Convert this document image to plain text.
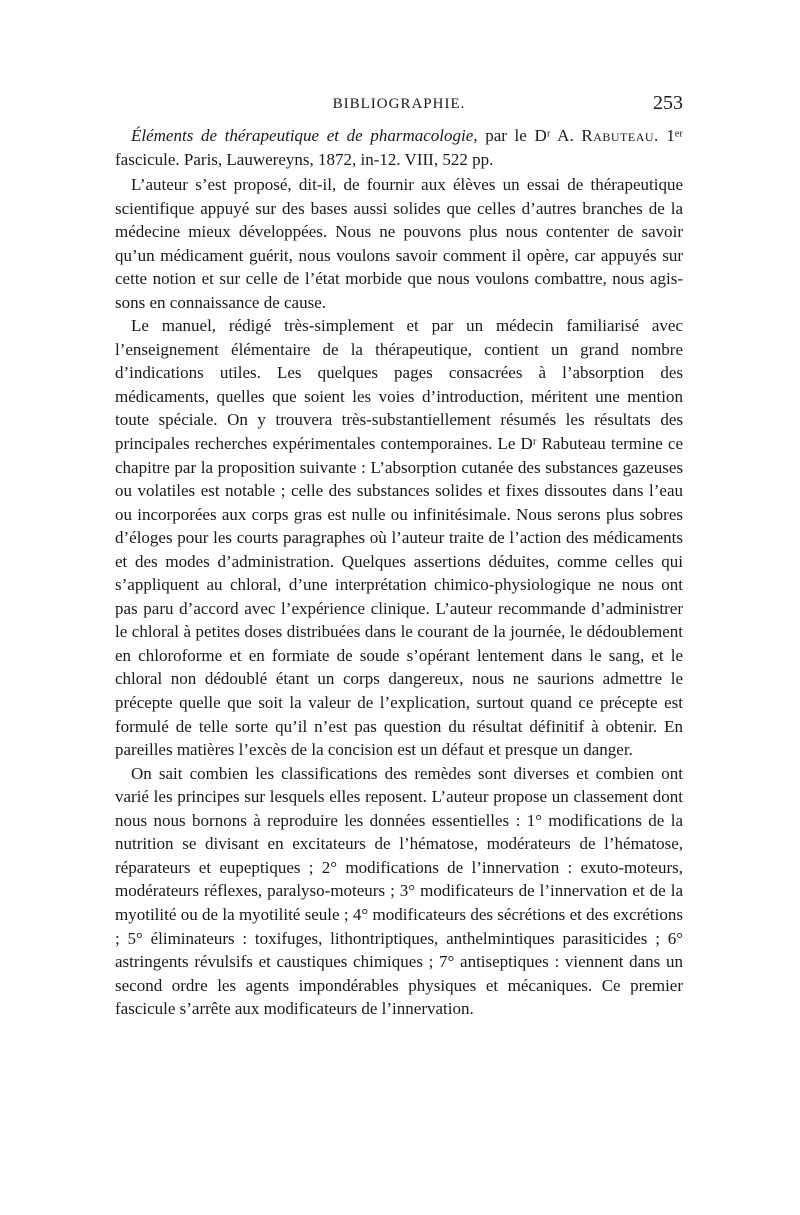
BIBLIOGRAPHIE.	253

Éléments de thérapeutique et de pharmacologie, par le Dʳ A. Rabuteau. 1ᵉʳ fascicule. Paris, Lauwereyns, 1872, in-12. VIII, 522 pp.

L’auteur s’est proposé, dit-il, de fournir aux élèves un essai de thérapeutique scientifique appuyé sur des bases aussi solides que celles d’autres branches de la médecine mieux développées. Nous ne pouvons plus nous contenter de savoir qu’un médicament guérit, nous voulons savoir comment il opère, car appuyés sur cette notion et sur celle de l’état morbide que nous voulons combattre, nous agissons en connaissance de cause.

Le manuel, rédigé très-simplement et par un médecin familiarisé avec l’enseignement élémentaire de la thérapeutique, contient un grand nombre d’indications utiles. Les quelques pages consacrées à l’absorption des médicaments, quelles que soient les voies d’introduction, méritent une mention toute spéciale. On y trouvera très-substantiellement résumés les résultats des principales recherches expérimentales contemporaines. Le Dʳ Rabuteau termine ce chapitre par la proposition suivante : L’absorption cutanée des substances gazeuses ou volatiles est notable ; celle des substances solides et fixes dissoutes dans l’eau ou incorporées aux corps gras est nulle ou infinitésimale. Nous serons plus sobres d’éloges pour les courts paragraphes où l’auteur traite de l’action des médicaments et des modes d’administration. Quelques assertions déduites, comme celles qui s’appliquent au chloral, d’une interprétation chimico-physiologique ne nous ont pas paru d’accord avec l’expérience clinique. L’auteur recommande d’administrer le chloral à petites doses distribuées dans le courant de la journée, le dédoublement en chloroforme et en formiate de soude s’opérant lentement dans le sang, et le chloral non dédoublé étant un corps dangereux, nous ne saurions admettre le précepte quelle que soit la valeur de l’explication, surtout quand ce précepte est formulé de telle sorte qu’il n’est pas question du résultat définitif à obtenir. En pareilles matières l’excès de la concision est un défaut et presque un danger.

On sait combien les classifications des remèdes sont diverses et combien ont varié les principes sur lesquels elles reposent. L’auteur propose un classement dont nous nous bornons à reproduire les données essentielles : 1° modifications de la nutrition se divisant en excitateurs de l’hématose, modérateurs de l’hématose, réparateurs et eupeptiques ; 2° modifications de l’innervation : exuto-moteurs, modérateurs réflexes, paralyso-moteurs ; 3° modificateurs de l’innervation et de la myotilité ou de la myotilité seule ; 4° modificateurs des sécrétions et des excrétions ; 5° éliminateurs : toxifuges, lithontriptiques, anthelmintiques parasiticides ; 6° astringents révulsifs et caustiques chimiques ; 7° antiseptiques : viennent dans un second ordre les agents impondérables physiques et mécaniques. Ce premier fascicule s’arrête aux modificateurs de l’innervation.
